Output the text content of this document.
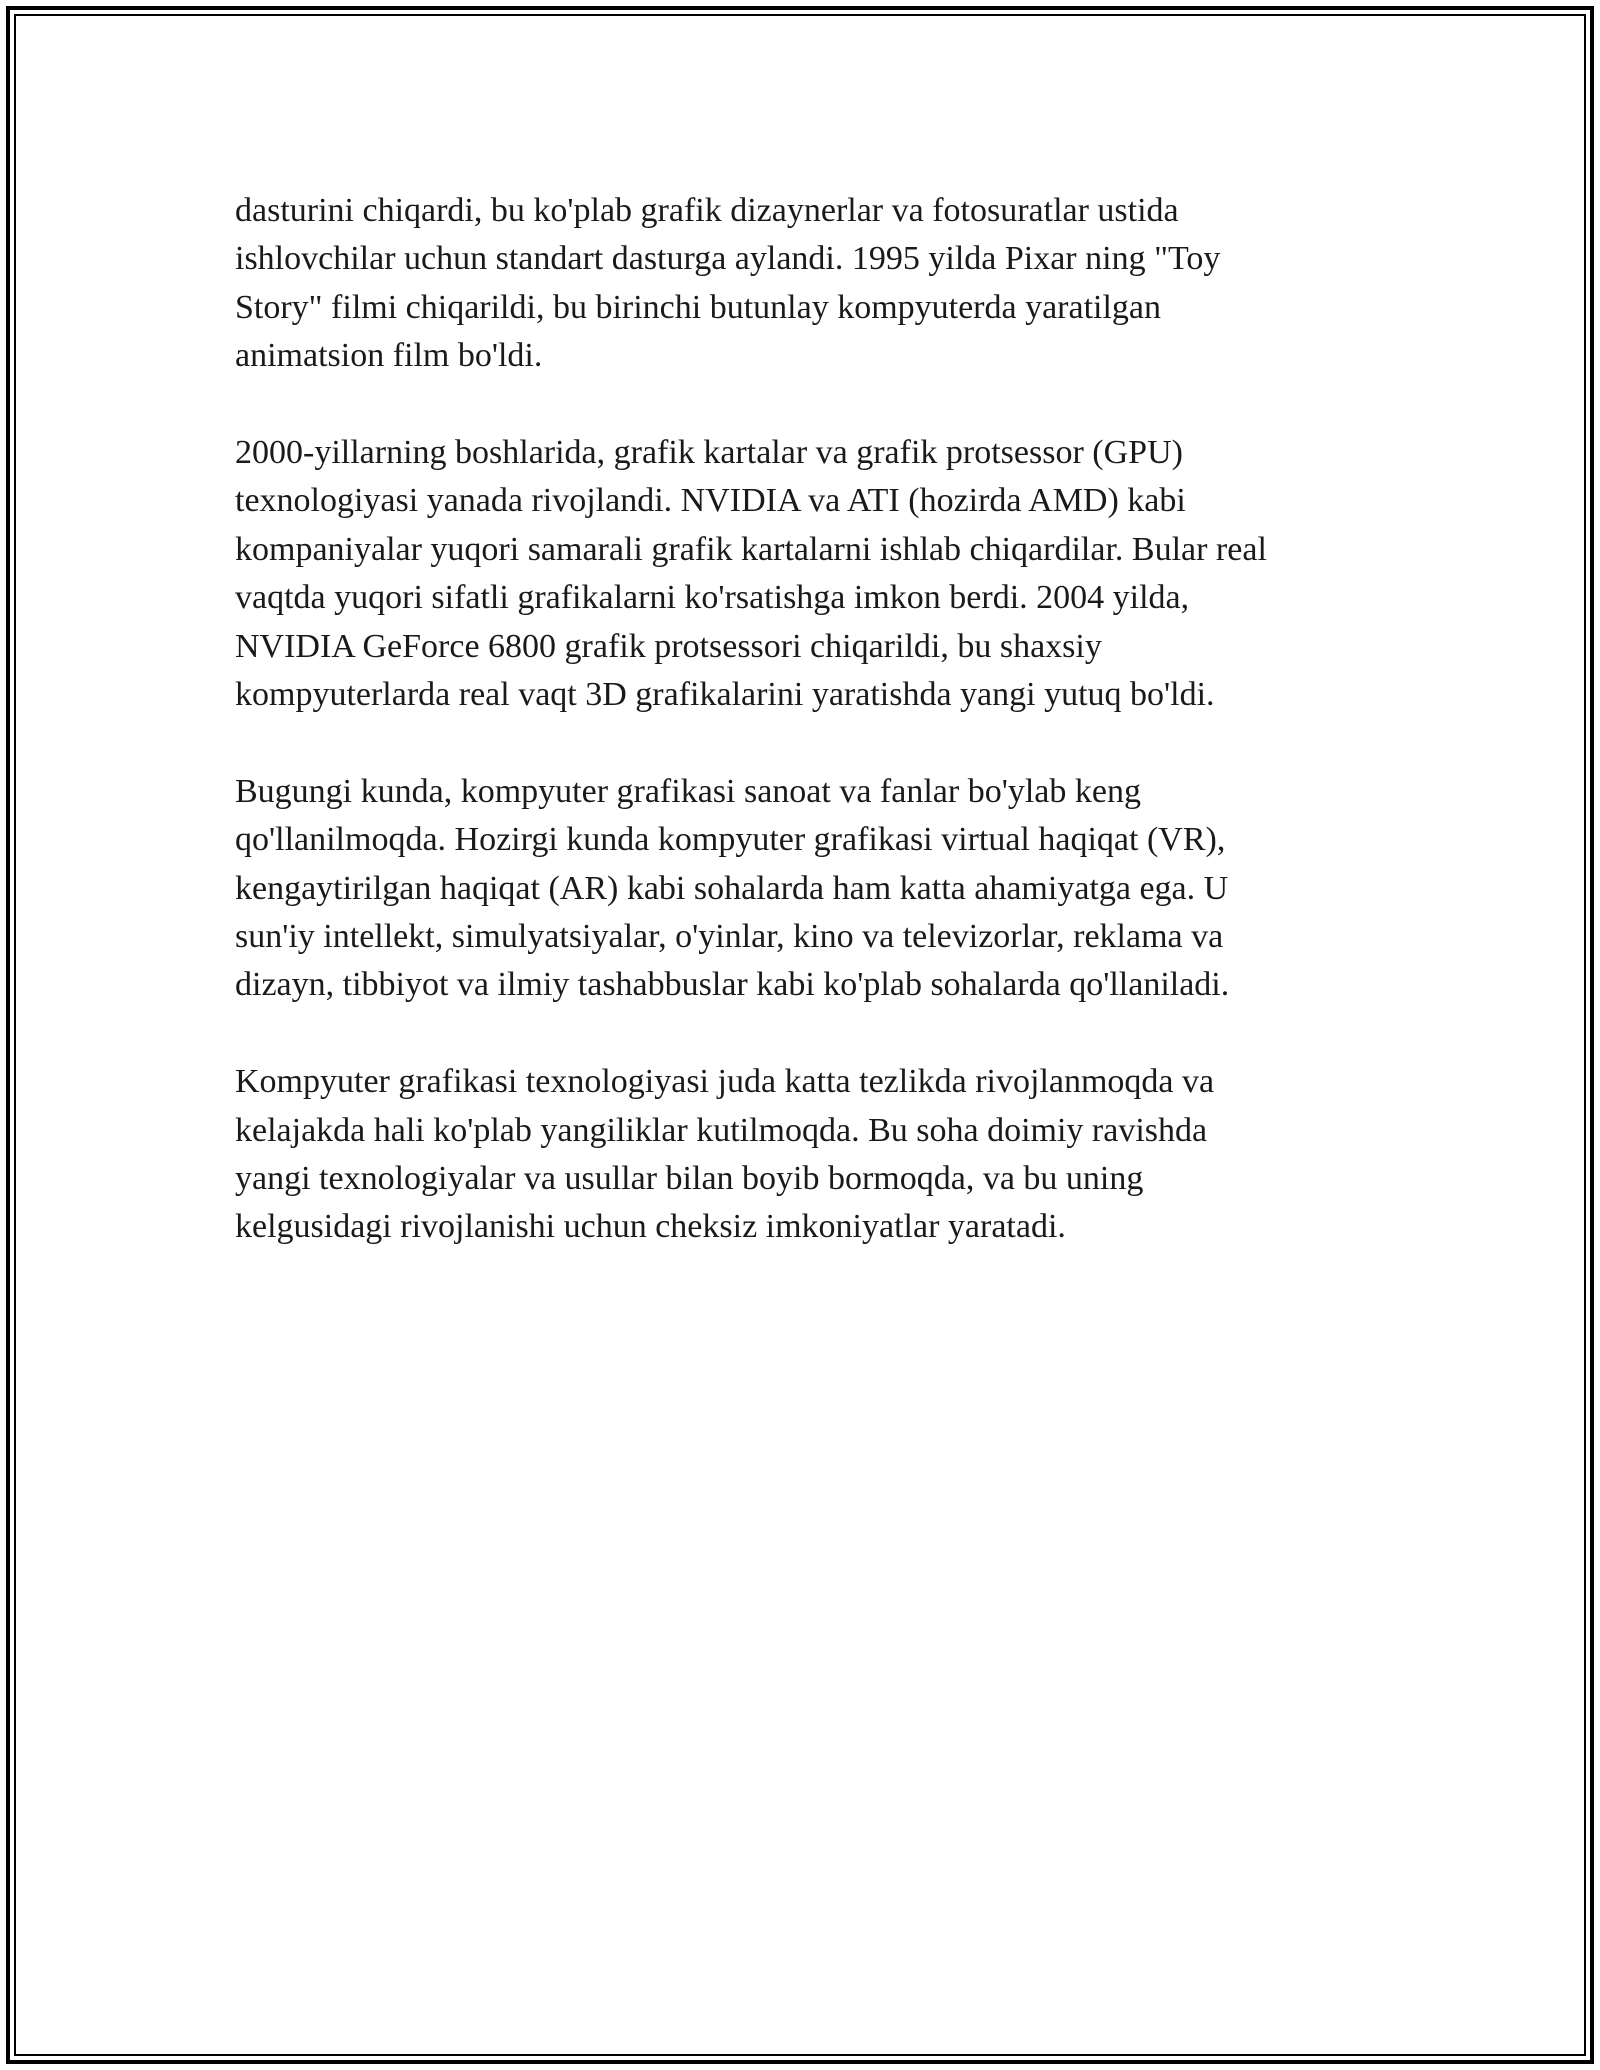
dasturini chiqardi, bu ko'plab grafik dizaynerlar va fotosuratlar ustida
ishlovchilar uchun standart dasturga aylandi. 1995 yilda Pixar ning "Toy
Story" filmi chiqarildi, bu birinchi butunlay kompyuterda yaratilgan
animatsion film bo'ldi.

2000-yillarning boshlarida, grafik kartalar va grafik protsessor (GPU)
texnologiyasi yanada rivojlandi. NVIDIA va ATI (hozirda AMD) kabi
kompaniyalar yuqori samarali grafik kartalarni ishlab chiqardilar. Bular real
vaqtda yuqori sifatli grafikalarni ko'rsatishga imkon berdi. 2004 yilda,
NVIDIA GeForce 6800 grafik protsessori chiqarildi, bu shaxsiy
kompyuterlarda real vaqt 3D grafikalarini yaratishda yangi yutuq bo'ldi.

Bugungi kunda, kompyuter grafikasi sanoat va fanlar bo'ylab keng
qo'llanilmoqda. Hozirgi kunda kompyuter grafikasi virtual haqiqat (VR),
kengaytirilgan haqiqat (AR) kabi sohalarda ham katta ahamiyatga ega. U
sun'iy intellekt, simulyatsiyalar, o'yinlar, kino va televizorlar, reklama va
dizayn, tibbiyot va ilmiy tashabbuslar kabi ko'plab sohalarda qo'llaniladi.

Kompyuter grafikasi texnologiyasi juda katta tezlikda rivojlanmoqda va
kelajakda hali ko'plab yangiliklar kutilmoqda. Bu soha doimiy ravishda
yangi texnologiyalar va usullar bilan boyib bormoqda, va bu uning
kelgusidagi rivojlanishi uchun cheksiz imkoniyatlar yaratadi.
